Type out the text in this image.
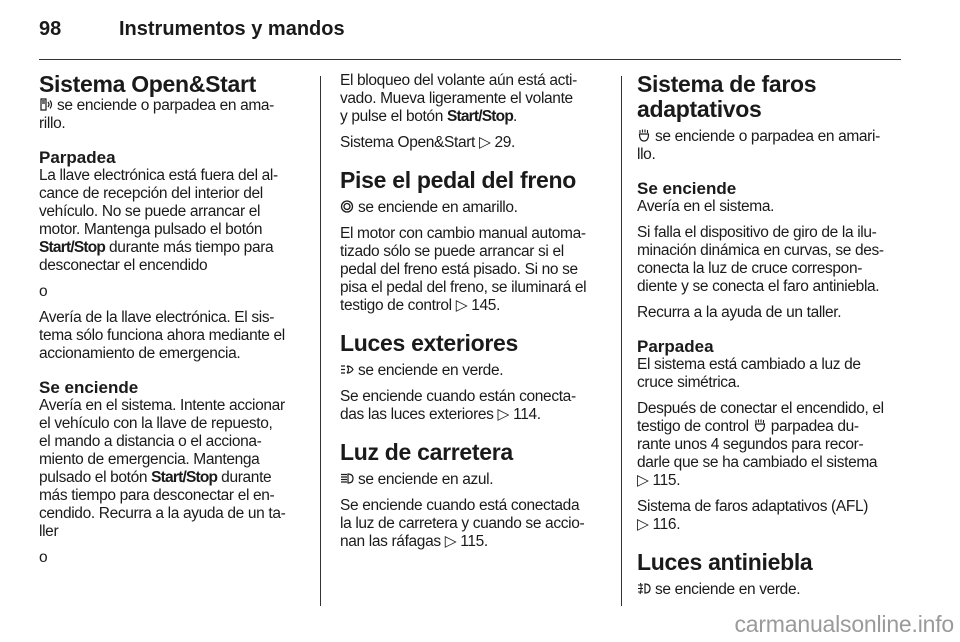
98	Instrumentos y mandos
Sistema Open&Start

se enciende o parpadea en ama-

rillo.

Parpadea

La llave electrónica está fuera del al-

cance de recepción del interior del

vehículo. No se puede arrancar el

motor. Mantenga pulsado el botón

Start/Stop durante más tiempo para

desconectar el encendido

o

Avería de la llave electrónica. El sis-

tema sólo funciona ahora mediante el

accionamiento de emergencia.

Se enciende

Avería en el sistema. Intente accionar

el vehículo con la llave de repuesto,

el mando a distancia o el acciona-

miento de emergencia. Mantenga

pulsado el botón Start/Stop durante

más tiempo para desconectar el en-

cendido. Recurra a la ayuda de un ta-

ller

o

El bloqueo del volante aún está acti-

vado. Mueva ligeramente el volante

y pulse el botón Start/Stop.

Sistema Open&Start ▷ 29.

Pise el pedal del freno

se enciende en amarillo.

El motor con cambio manual automa-

tizado sólo se puede arrancar si el

pedal del freno está pisado. Si no se

pisa el pedal del freno, se iluminará el

testigo de control ▷ 145.

Luces exteriores

se enciende en verde.

Se enciende cuando están conecta-

das las luces exteriores ▷ 114.

Luz de carretera

se enciende en azul.

Se enciende cuando está conectada

la luz de carretera y cuando se accio-

nan las ráfagas ▷ 115.

Sistema de faros
adaptativos

se enciende o parpadea en amari-

llo.

Se enciende

Avería en el sistema.

Si falla el dispositivo de giro de la ilu-

minación dinámica en curvas, se des-

conecta la luz de cruce correspon-

diente y se conecta el faro antiniebla.

Recurra a la ayuda de un taller.

Parpadea

El sistema está cambiado a luz de

cruce simétrica.

Después de conectar el encendido, el

testigo de control parpadea du-

rante unos 4 segundos para recor-

darle que se ha cambiado el sistema

▷ 115.

Sistema de faros adaptativos (AFL)

▷ 116.

Luces antiniebla

se enciende en verde.

carmanualsonline.info
